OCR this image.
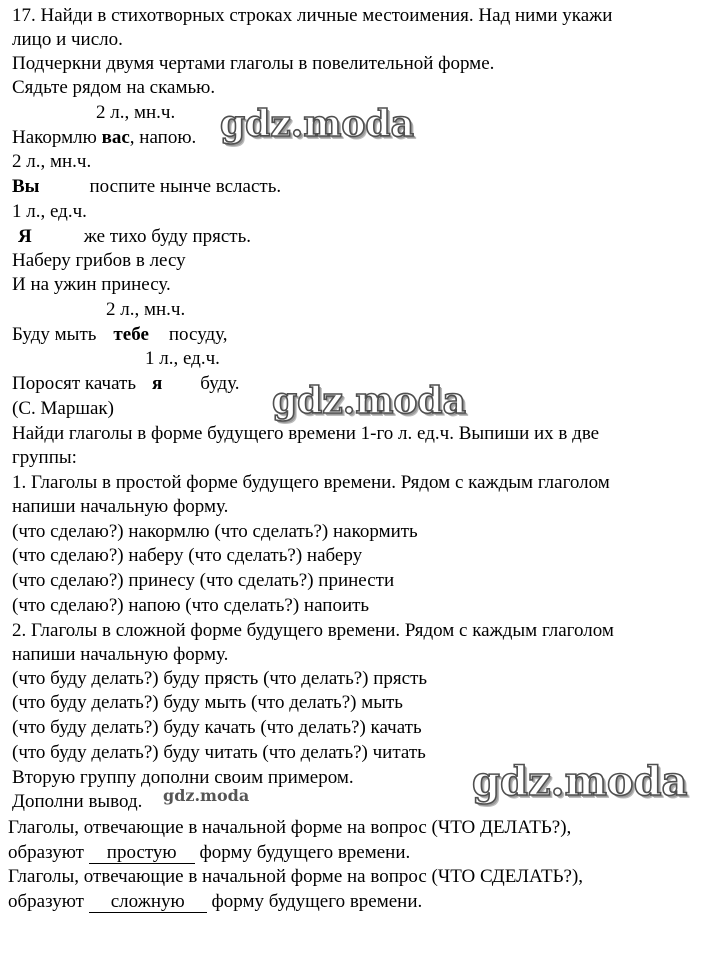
17. Найди в стихотворных строках личные местоимения. Над ними укажи
лицо и число.
Подчеркни двумя чертами глаголы в повелительной форме.
Сядьте рядом на скамью.
2 л., мн.ч.
Накормлю вас, напою.
2 л., мн.ч.
Вы	поспите нынче всласть.
1 л., ед.ч.
Я	же тихо буду прясть.
Наберу грибов в лесу
И на ужин принесу.
2 л., мн.ч.
Буду мыть тебе посуду,
1 л., ед.ч.
Поросят качать я буду.
(С. Маршак)
Найди глаголы в форме будущего времени 1-го л. ед.ч. Выпиши их в две
группы:
1. Глаголы в простой форме будущего времени. Рядом с каждым глаголом
напиши начальную форму.
(что сделаю?) накормлю (что сделать?) накормить
(что сделаю?) наберу (что сделать?) наберу
(что сделаю?) принесу (что сделать?) принести
(что сделаю?) напою (что сделать?) напоить
2. Глаголы в сложной форме будущего времени. Рядом с каждым глаголом
напиши начальную форму.
(что буду делать?) буду прясть (что делать?) прясть
(что буду делать?) буду мыть (что делать?) мыть
(что буду делать?) буду качать (что делать?) качать
(что буду делать?) буду читать (что делать?) читать
Вторую группу дополни своим примером.
Дополни вывод.
Глаголы, отвечающие в начальной форме на вопрос (ЧТО ДЕЛАТЬ?),
образуют простую форму будущего времени.
Глаголы, отвечающие в начальной форме на вопрос (ЧТО СДЕЛАТЬ?),
образуют сложную форму будущего времени.
gdz.moda
gdz.moda
gdz.moda
gdz.moda
